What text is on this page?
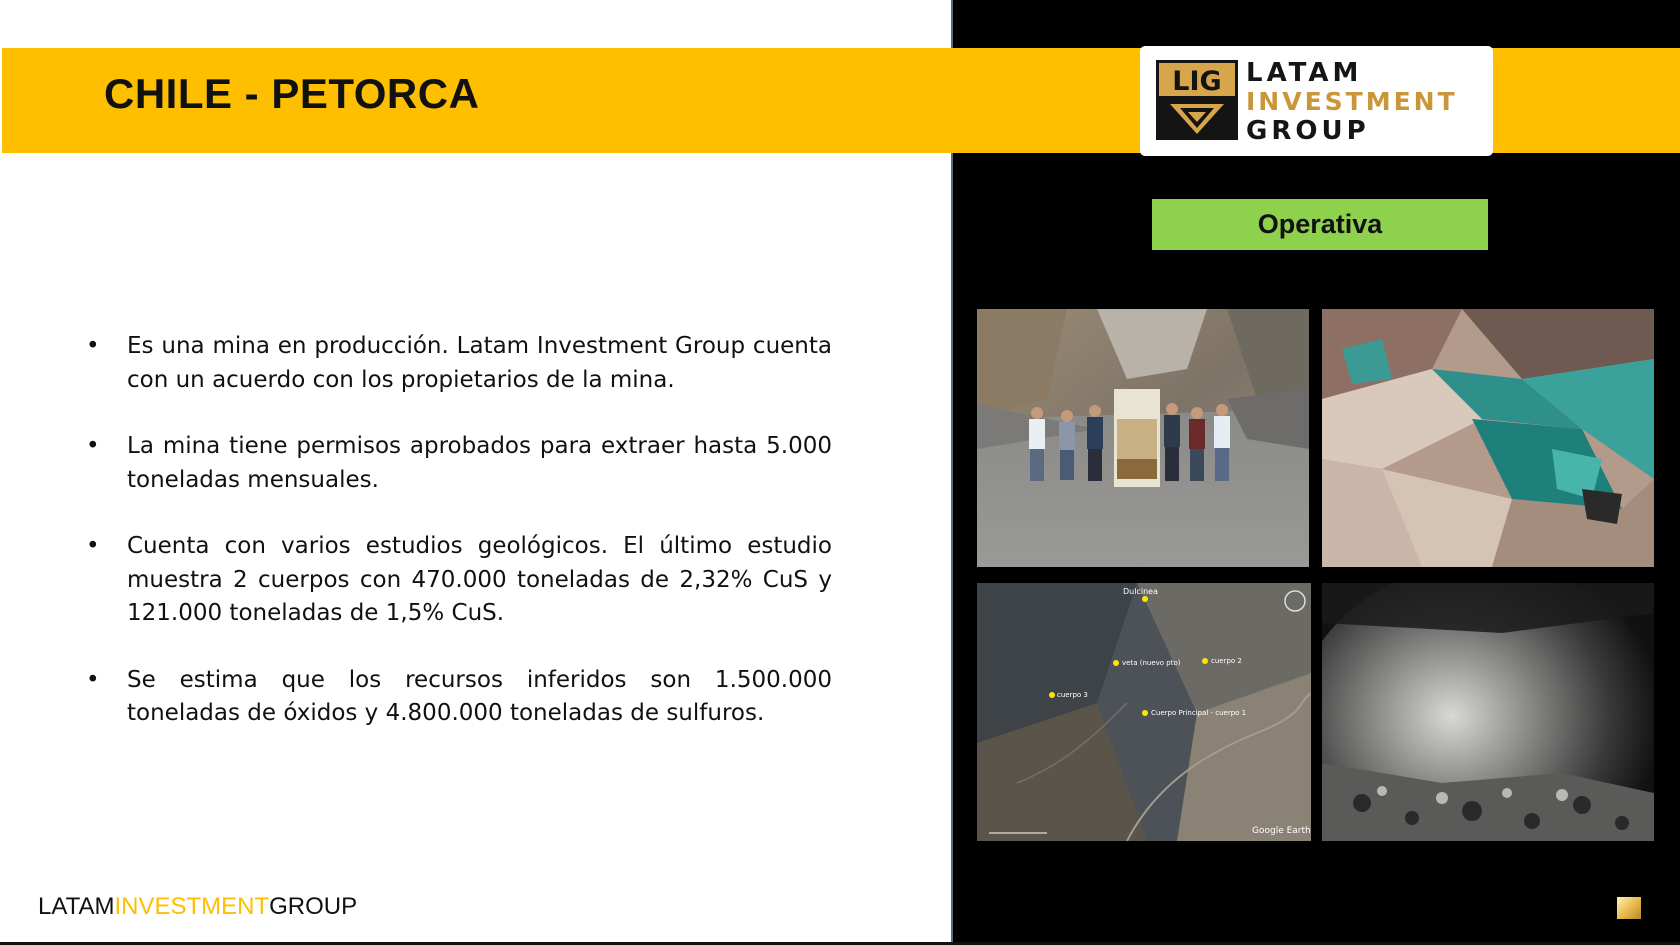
CHILE - PETORCA	LIG LATAM
INVESTMENT
GROUP
Operativa
• Es una mina en producción. Latam Investment Group cuenta con un acuerdo con los propietarios de la mina.
• La mina tiene permisos aprobados para extraer hasta 5.000 toneladas mensuales.
• Cuenta con varios estudios geológicos. El último estudio muestra 2 cuerpos con 470.000 toneladas de 2,32% CuS y 121.000 toneladas de 1,5% CuS.
• Se estima que los recursos inferidos son 1.500.000 toneladas de óxidos y 4.800.000 toneladas de sulfuros.
Dulcinea
veta (nuevo pto)	cuerpo 2
cuerpo 3
Cuerpo Principal - cuerpo 1
Google Earth
LATAMINVESTMENTGROUP
